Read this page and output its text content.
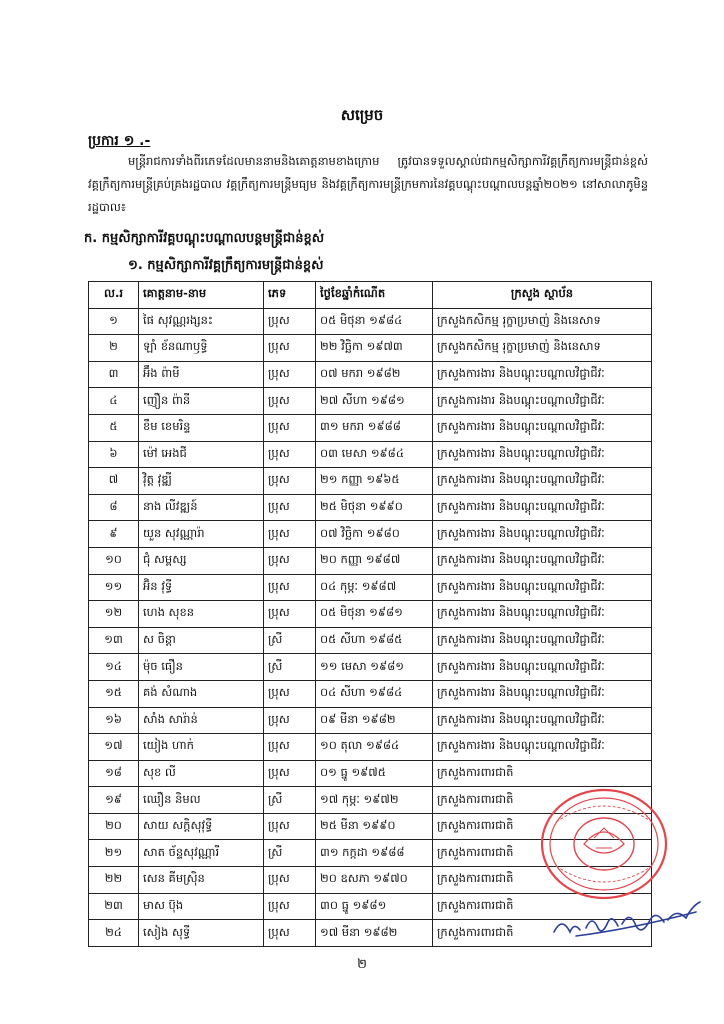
សម្រេច
ប្រការ ១ .-
មន្ត្រីរាជការទាំងពីរភេទដែលមាននាមនិងគោត្តនាមខាងក្រោម ត្រូវបានទទួលស្គាល់ជាកម្មសិក្សាការីវគ្គក្រឹត្យការមន្ត្រីជាន់ខ្ពស់ វគ្គក្រឹត្យការមន្ត្រីគ្រប់គ្រងរដ្ឋបាល វគ្គក្រឹត្យការមន្ត្រីមធ្យម និងវគ្គក្រឹត្យការមន្ត្រីក្រមការនៃវគ្គបណ្តុះបណ្តាលបន្តឆ្នាំ២០២១ នៅសាលាភូមិន្ទរដ្ឋបាល៖
ក. កម្មសិក្សាការីវគ្គបណ្តុះបណ្តាលបន្តមន្ត្រីជាន់ខ្ពស់
១. កម្មសិក្សាការីវគ្គក្រឹត្យការមន្ត្រីជាន់ខ្ពស់
ល.រ	គោត្តនាម-នាម	ភេទ	ថ្ងៃខែឆ្នាំកំណើត	ក្រសួង ស្ថាប័ន
១	ផៃ សុវណ្ណរង្សនះ	ប្រុស	០៥ មិថុនា ១៩៨៤	ក្រសួងកសិកម្ម រុក្ខាប្រមាញ់ និងនេសាទ
២	ឡាំ ខ័នណាឫទ្ធិ	ប្រុស	២២ វិច្ឆិកា ១៩៧៣	ក្រសួងកសិកម្ម រុក្ខាប្រមាញ់ និងនេសាទ
៣	អ៊ឹង ព៉ាមី	ប្រុស	០៧ មករា ១៩៨២	ក្រសួងការងារ និងបណ្តុះបណ្តាលវិជ្ជាជីវៈ
៤	ញឿន ព៉ានី	ប្រុស	២៧ សីហា ១៩៨១	ក្រសួងការងារ និងបណ្តុះបណ្តាលវិជ្ជាជីវៈ
៥	ខឹម ខេមរិន្ទ	ប្រុស	៣១ មករា ១៩៨៨	ក្រសួងការងារ និងបណ្តុះបណ្តាលវិជ្ជាជីវៈ
៦	ម៉ៅ អេងជី	ប្រុស	០៣ មេសា ១៩៨៤	ក្រសួងការងារ និងបណ្តុះបណ្តាលវិជ្ជាជីវៈ
៧	វ៉ិត្ត វុឌ្ឍី	ប្រុស	២១ កញ្ញា ១៩៦៥	ក្រសួងការងារ និងបណ្តុះបណ្តាលវិជ្ជាជីវៈ
៨	នាង លីវឌ្ឍន៍	ប្រុស	២៥ មិថុនា ១៩៩០	ក្រសួងការងារ និងបណ្តុះបណ្តាលវិជ្ជាជីវៈ
៩	យួន សុវណ្ណារ៉ា	ប្រុស	០៧ វិច្ឆិកា ១៩៨០	ក្រសួងការងារ និងបណ្តុះបណ្តាលវិជ្ជាជីវៈ
១០	ជុំ សម្ពស្ស	ប្រុស	២០ កញ្ញា ១៩៨៧	ក្រសួងការងារ និងបណ្តុះបណ្តាលវិជ្ជាជីវៈ
១១	អ៊ិន វុទ្ធី	ប្រុស	០៤ កុម្ភៈ ១៩៨៧	ក្រសួងការងារ និងបណ្តុះបណ្តាលវិជ្ជាជីវៈ
១២	ហេង សុខន	ប្រុស	០៥ មិថុនា ១៩៨១	ក្រសួងការងារ និងបណ្តុះបណ្តាលវិជ្ជាជីវៈ
១៣	ស ចិន្តា	ស្រី	០៥ សីហា ១៩៨៥	ក្រសួងការងារ និងបណ្តុះបណ្តាលវិជ្ជាជីវៈ
១៤	ម៉ុច ធឿន	ស្រី	១១ មេសា ១៩៨១	ក្រសួងការងារ និងបណ្តុះបណ្តាលវិជ្ជាជីវៈ
១៥	គង់ សំណាង	ប្រុស	០៤ សីហា ១៩៨៤	ក្រសួងការងារ និងបណ្តុះបណ្តាលវិជ្ជាជីវៈ
១៦	សាំង សារ៉ាន់	ប្រុស	០៩ មីនា ១៩៨២	ក្រសួងការងារ និងបណ្តុះបណ្តាលវិជ្ជាជីវៈ
១៧	យៀង ហាក់	ប្រុស	១០ តុលា ១៩៨៤	ក្រសួងការងារ និងបណ្តុះបណ្តាលវិជ្ជាជីវៈ
១៨	សុខ លី	ប្រុស	០១ ធ្នូ ១៩៧៥	ក្រសួងការពារជាតិ
១៩	ឈឿន និមល	ស្រី	១៧ កុម្ភៈ ១៩៧២	ក្រសួងការពារជាតិ
២០	សាយ សក្តិសុវុទ្ធី	ប្រុស	២៥ មីនា ១៩៩០	ក្រសួងការពារជាតិ
២១	សាត ច័ន្ទសុវណ្ណារី	ស្រី	៣១ កក្កដា ១៩៨៨	ក្រសួងការពារជាតិ
២២	សេន គីមស្រ៊ិន	ប្រុស	២០ ឧសភា ១៩៧០	ក្រសួងការពារជាតិ
២៣	មាស ប៊ុង	ប្រុស	៣០ ធ្នូ ១៩៨១	ក្រសួងការពារជាតិ
២៤	សៀង សុទ្ធី	ប្រុស	១៧ មីនា ១៩៨២	ក្រសួងការពារជាតិ
២
